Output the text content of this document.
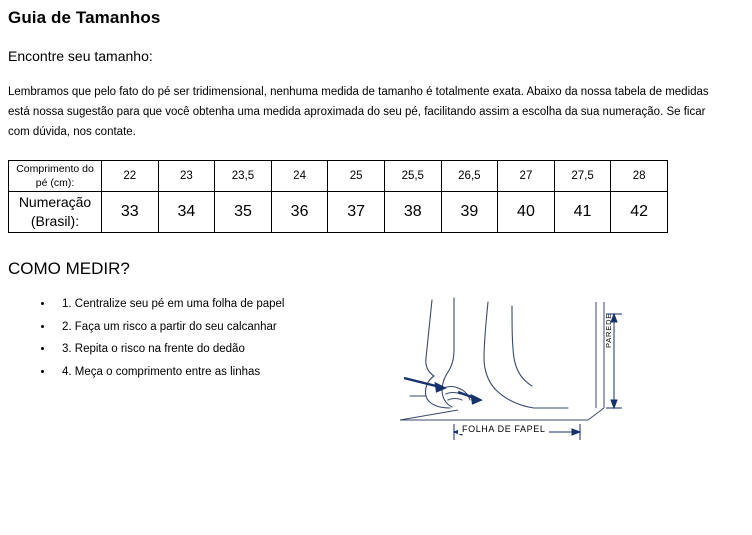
Guia de Tamanhos
Encontre seu tamanho:

Lembramos que pelo fato do pé ser tridimensional, nenhuma medida de tamanho é totalmente exata. Abaixo da nossa tabela de medidas está nossa sugestão para que você obtenha uma medida aproximada do seu pé, facilitando assim a escolha da sua numeração. Se ficar com dúvida, nos contate.

Comprimento do pé (cm):	22	23	23,5	24	25	25,5	26,5	27	27,5	28
Numeração (Brasil):	33	34	35	36	37	38	39	40	41	42
COMO MEDIR?
• 1. Centralize seu pé em uma folha de papel
• 2. Faça um risco a partir do seu calcanhar
• 3. Repita o risco na frente do dedão
• 4. Meça o comprimento entre as linhas
FOLHA DE FAPEL
PAREDE
